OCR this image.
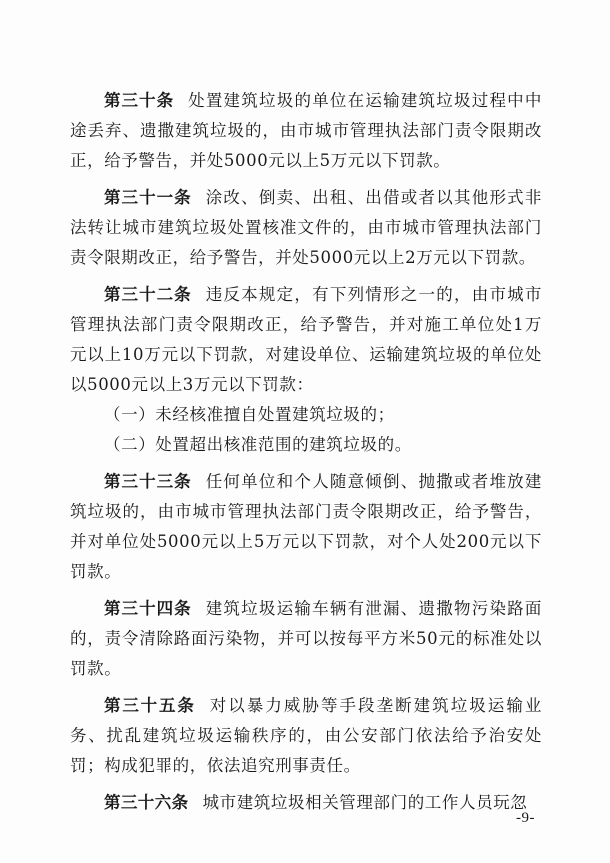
第三十条 处置建筑垃圾的单位在运输建筑垃圾过程中中途丢弃、遗撒建筑垃圾的，由市城市管理执法部门责令限期改正，给予警告，并处5000元以上5万元以下罚款。

第三十一条 涂改、倒卖、出租、出借或者以其他形式非法转让城市建筑垃圾处置核准文件的，由市城市管理执法部门责令限期改正，给予警告，并处5000元以上2万元以下罚款。

第三十二条 违反本规定，有下列情形之一的，由市城市管理执法部门责令限期改正，给予警告，并对施工单位处1万元以上10万元以下罚款，对建设单位、运输建筑垃圾的单位处以5000元以上3万元以下罚款：

（一）未经核准擅自处置建筑垃圾的；

（二）处置超出核准范围的建筑垃圾的。

第三十三条 任何单位和个人随意倾倒、抛撒或者堆放建筑垃圾的，由市城市管理执法部门责令限期改正，给予警告，并对单位处5000元以上5万元以下罚款，对个人处200元以下罚款。

第三十四条 建筑垃圾运输车辆有泄漏、遗撒物污染路面的，责令清除路面污染物，并可以按每平方米50元的标准处以罚款。

第三十五条 对以暴力威胁等手段垄断建筑垃圾运输业务、扰乱建筑垃圾运输秩序的，由公安部门依法给予治安处罚；构成犯罪的，依法追究刑事责任。

第三十六条 城市建筑垃圾相关管理部门的工作人员玩忽

-9-
